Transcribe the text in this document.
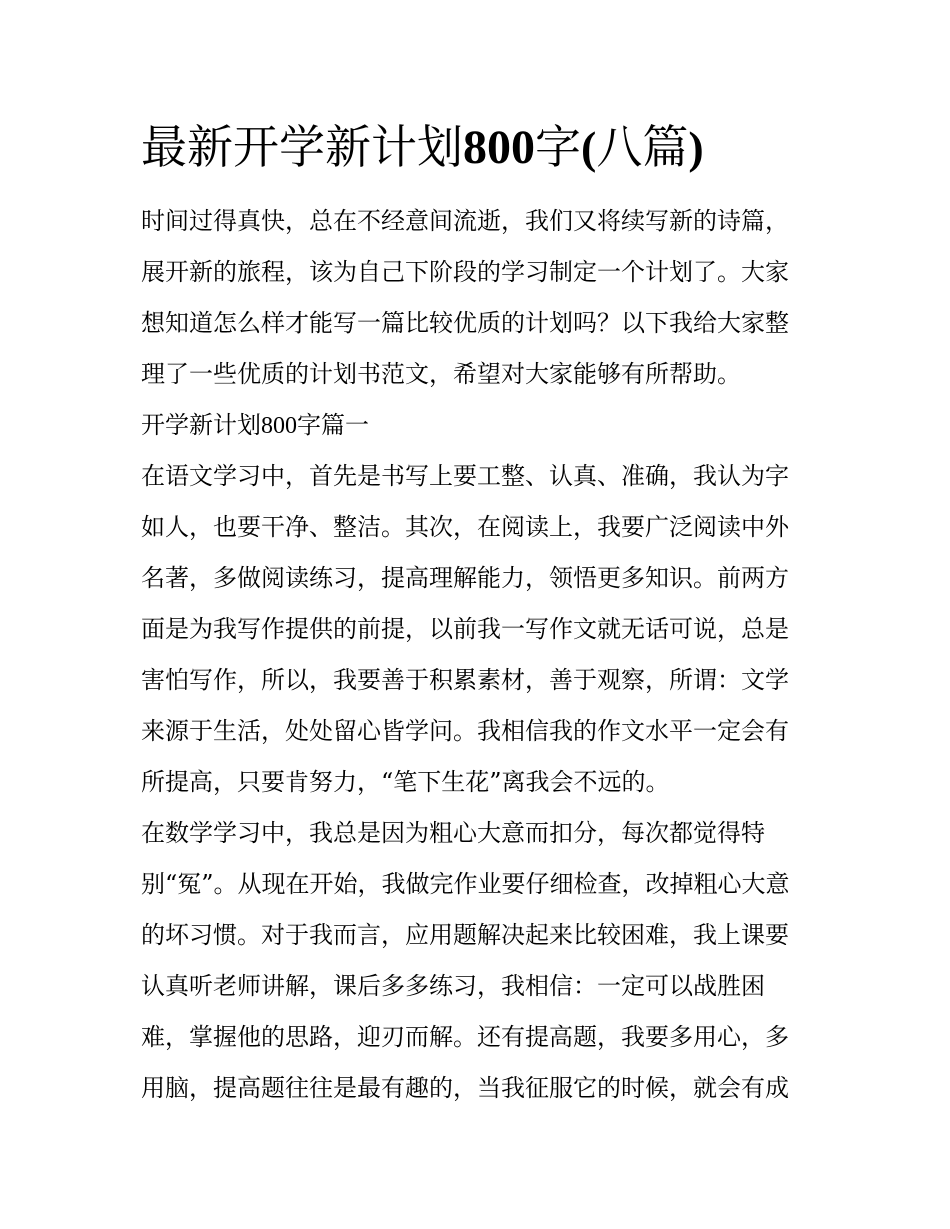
最新开学新计划800字(八篇)

时间过得真快，总在不经意间流逝，我们又将续写新的诗篇，

展开新的旅程，该为自己下阶段的学习制定一个计划了。大家

想知道怎么样才能写一篇比较优质的计划吗？以下我给大家整

理了一些优质的计划书范文，希望对大家能够有所帮助。

开学新计划800字篇一

在语文学习中，首先是书写上要工整、认真、准确，我认为字

如人，也要干净、整洁。其次，在阅读上，我要广泛阅读中外

名著，多做阅读练习，提高理解能力，领悟更多知识。前两方

面是为我写作提供的前提，以前我一写作文就无话可说，总是

害怕写作，所以，我要善于积累素材，善于观察，所谓：文学

来源于生活，处处留心皆学问。我相信我的作文水平一定会有

所提高，只要肯努力，“笔下生花”离我会不远的。

在数学学习中，我总是因为粗心大意而扣分，每次都觉得特

别“冤”。从现在开始，我做完作业要仔细检查，改掉粗心大意

的坏习惯。对于我而言，应用题解决起来比较困难，我上课要

认真听老师讲解，课后多多练习，我相信：一定可以战胜困

难，掌握他的思路，迎刃而解。还有提高题，我要多用心，多

用脑，提高题往往是最有趣的，当我征服它的时候，就会有成
